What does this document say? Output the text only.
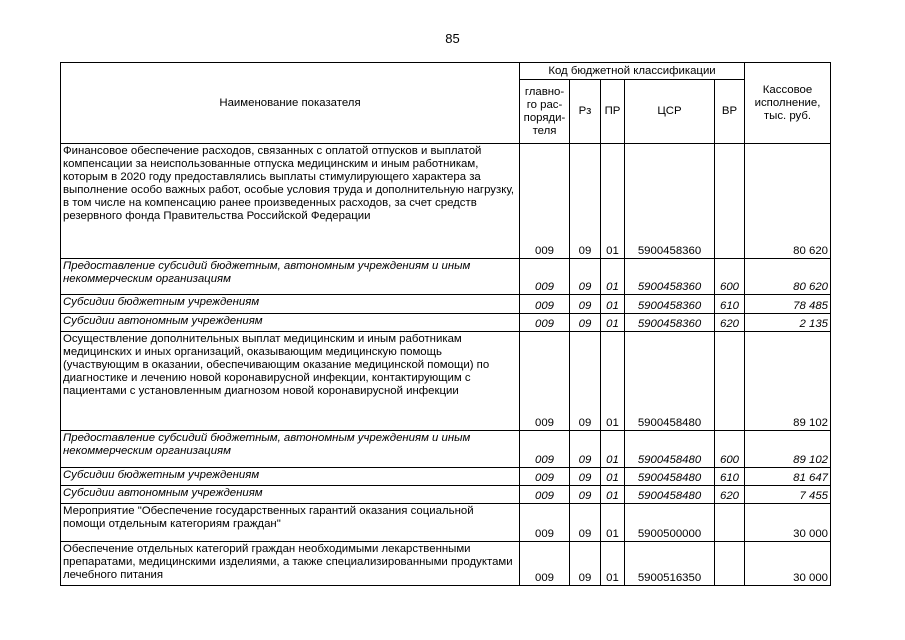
85
Наименование показателя	Код бюджетной классификации					Кассовое исполнение, тыс. руб.
	главно-го рас-поряди-теля	Рз	ПР	ЦСР	ВР	

Финансовое обеспечение расходов, связанных с оплатой отпусков и выплатой компенсации за неиспользованные отпуска медицинским и иным работникам, которым в 2020 году предоставлялись выплаты стимулирующего характера за выполнение особо важных работ, особые условия труда и дополнительную нагрузку, в том числе на компенсацию ранее произведенных расходов, за счет средств резервного фонда Правительства Российской Федерации	009	09	01	5900458360		80 620

Предоставление субсидий бюджетным, автономным учреждениям и иным некоммерческим организациям	009	09	01	5900458360	600	80 620

Субсидии бюджетным учреждениям	009	09	01	5900458360	610	78 485

Субсидии автономным учреждениям	009	09	01	5900458360	620	2 135

Осуществление дополнительных выплат медицинским и иным работникам медицинских и иных организаций, оказывающим медицинскую помощь (участвующим в оказании, обеспечивающим оказание медицинской помощи) по диагностике и лечению новой коронавирусной инфекции, контактирующим с пациентами с установленным диагнозом новой коронавирусной инфекции	009	09	01	5900458480		89 102

Предоставление субсидий бюджетным, автономным учреждениям и иным некоммерческим организациям	009	09	01	5900458480	600	89 102

Субсидии бюджетным учреждениям	009	09	01	5900458480	610	81 647

Субсидии автономным учреждениям	009	09	01	5900458480	620	7 455

Мероприятие "Обеспечение государственных гарантий оказания социальной помощи отдельным категориям граждан"	009	09	01	5900500000		30 000

Обеспечение отдельных категорий граждан необходимыми лекарственными препаратами, медицинскими изделиями, а также специализированными продуктами лечебного питания	009	09	01	5900516350		30 000
